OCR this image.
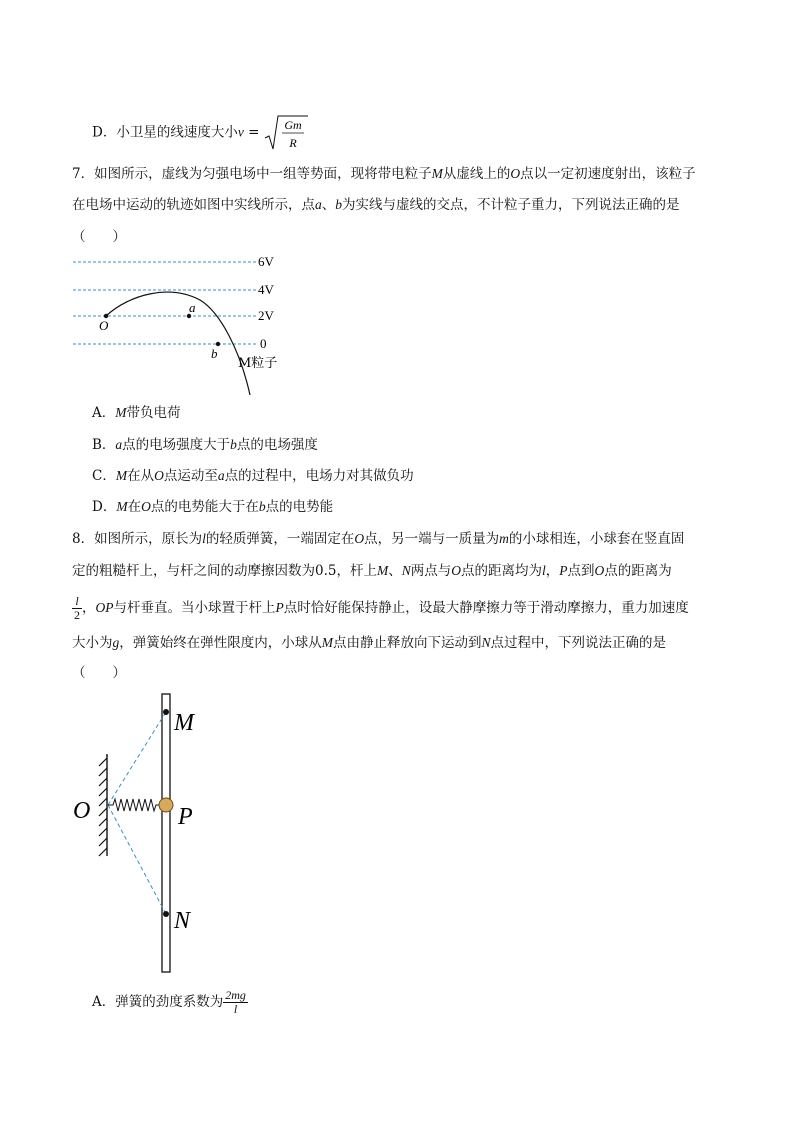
D．小卫星的线速度大小v = Gm
R
7．如图所示，虚线为匀强电场中一组等势面，现将带电粒子M从虚线上的O点以一定初速度射出，该粒子
在电场中运动的轨迹如图中实线所示，点a、b为实线与虚线的交点，不计粒子重力，下列说法正确的是
（　　）
6V
4V
2V
0
O
a
b
M粒子
A．M带负电荷
B．a点的电场强度大于b点的电场强度
C．M在从O点运动至a点的过程中，电场力对其做负功
D．M在O点的电势能大于在b点的电势能
8．如图所示，原长为l的轻质弹簧，一端固定在O点，另一端与一质量为m的小球相连，小球套在竖直固
定的粗糙杆上，与杆之间的动摩擦因数为0.5，杆上M、N两点与O点的距离均为l，P点到O点的距离为
$\frac{l}{2}$ ，OP与杆垂直。当小球置于杆上P点时恰好能保持静止，设最大静摩擦力等于滑动摩擦力，重力加速度
大小为g，弹簧始终在弹性限度内，小球从M点由静止释放向下运动到N点过程中，下列说法正确的是
（　　）
M
O	P
N
A．弹簧的劲度系数为 $\frac{2mg}{l}$
